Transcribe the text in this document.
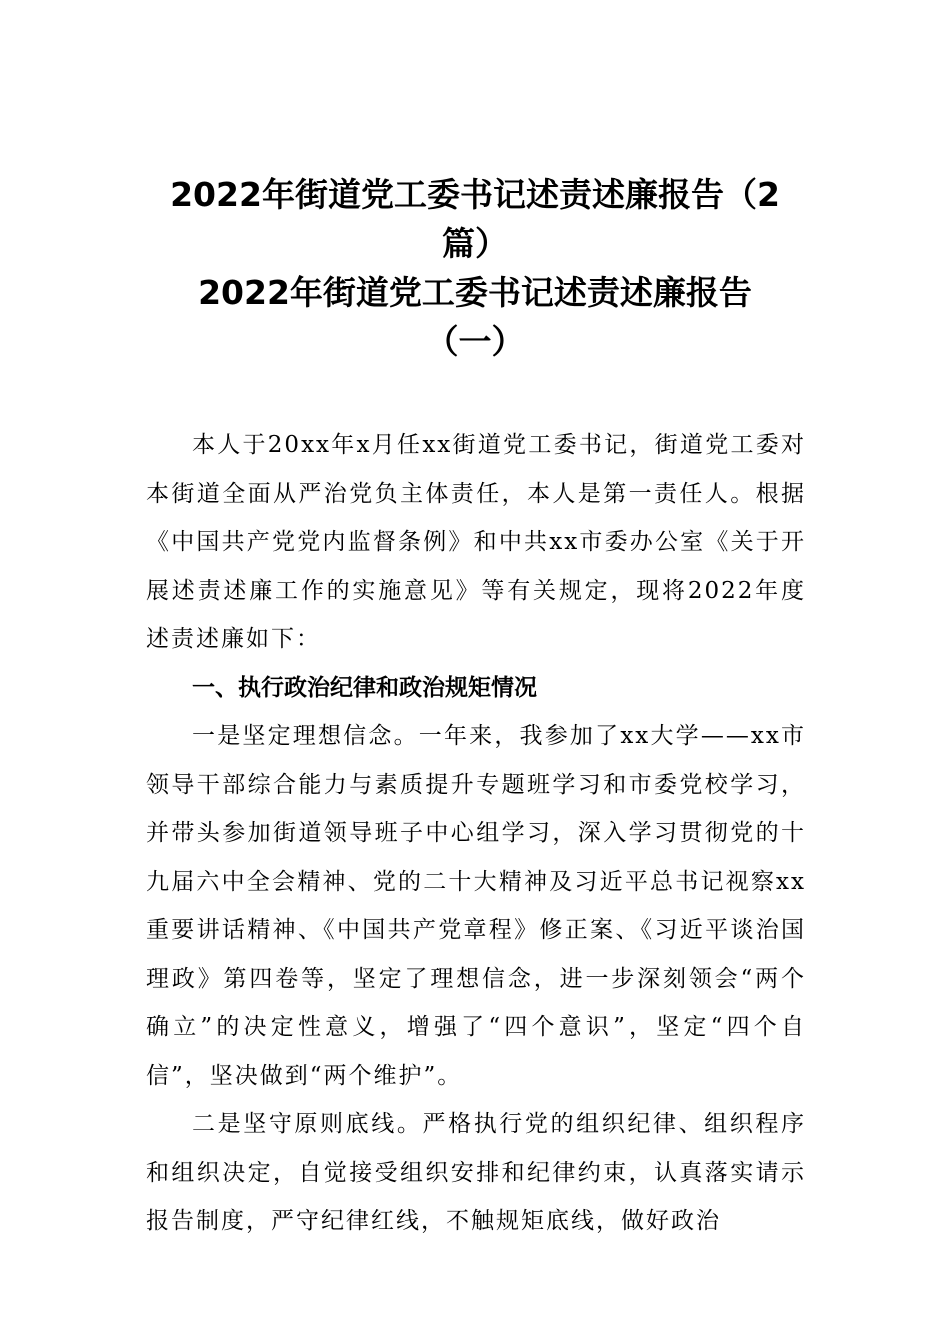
2022年街道党工委书记述责述廉报告（2
篇）
2022年街道党工委书记述责述廉报告
（一）

本人于20xx年x月任xx街道党工委书记，街道党工委对本街道全面从严治党负主体责任，本人是第一责任人。根据《中国共产党党内监督条例》和中共xx市委办公室《关于开展述责述廉工作的实施意见》等有关规定，现将2022年度述责述廉如下：

一、执行政治纪律和政治规矩情况

一是坚定理想信念。一年来，我参加了xx大学——xx市领导干部综合能力与素质提升专题班学习和市委党校学习，并带头参加街道领导班子中心组学习，深入学习贯彻党的十九届六中全会精神、党的二十大精神及习近平总书记视察xx重要讲话精神、《中国共产党章程》修正案、《习近平谈治国理政》第四卷等，坚定了理想信念，进一步深刻领会“两个确立”的决定性意义，增强了“四个意识”，坚定“四个自信”，坚决做到“两个维护”。

二是坚守原则底线。严格执行党的组织纪律、组织程序和组织决定，自觉接受组织安排和纪律约束，认真落实请示报告制度，严守纪律红线，不触规矩底线，做好政治
